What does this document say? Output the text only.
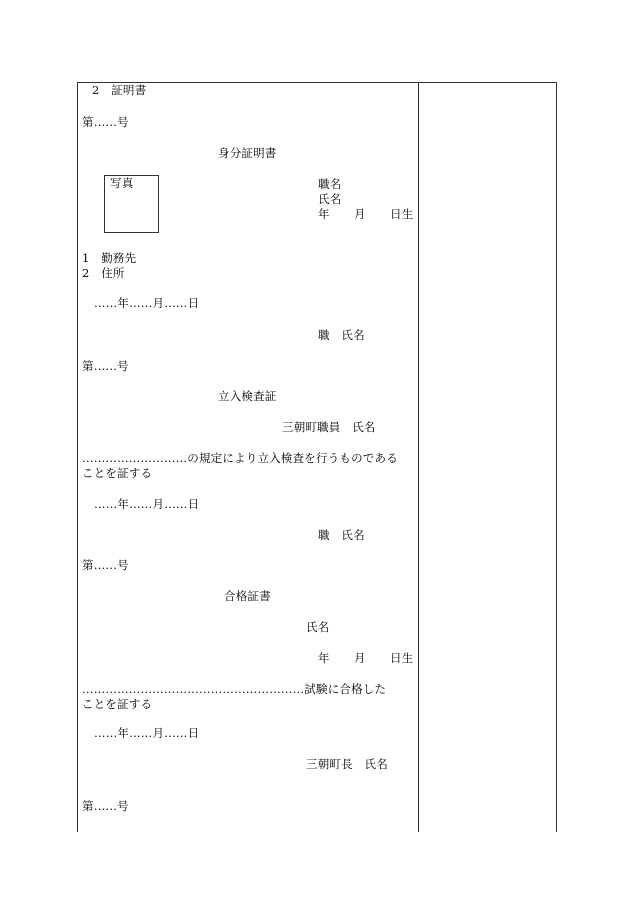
2　証明書
第……号
身分証明書
写真	職名
氏名
年 月 日生
1　勤務先
2　住所
……年……月……日
職　氏名
第……号
立入検査証
三朝町職員　氏名
………………………の規定により立入検査を行うものである
ことを証する
……年……月……日
職　氏名
第……号
合格証書
氏名
年 月 日生
…………………………………………………試験に合格した
ことを証する
……年……月……日
三朝町長　氏名
第……号
